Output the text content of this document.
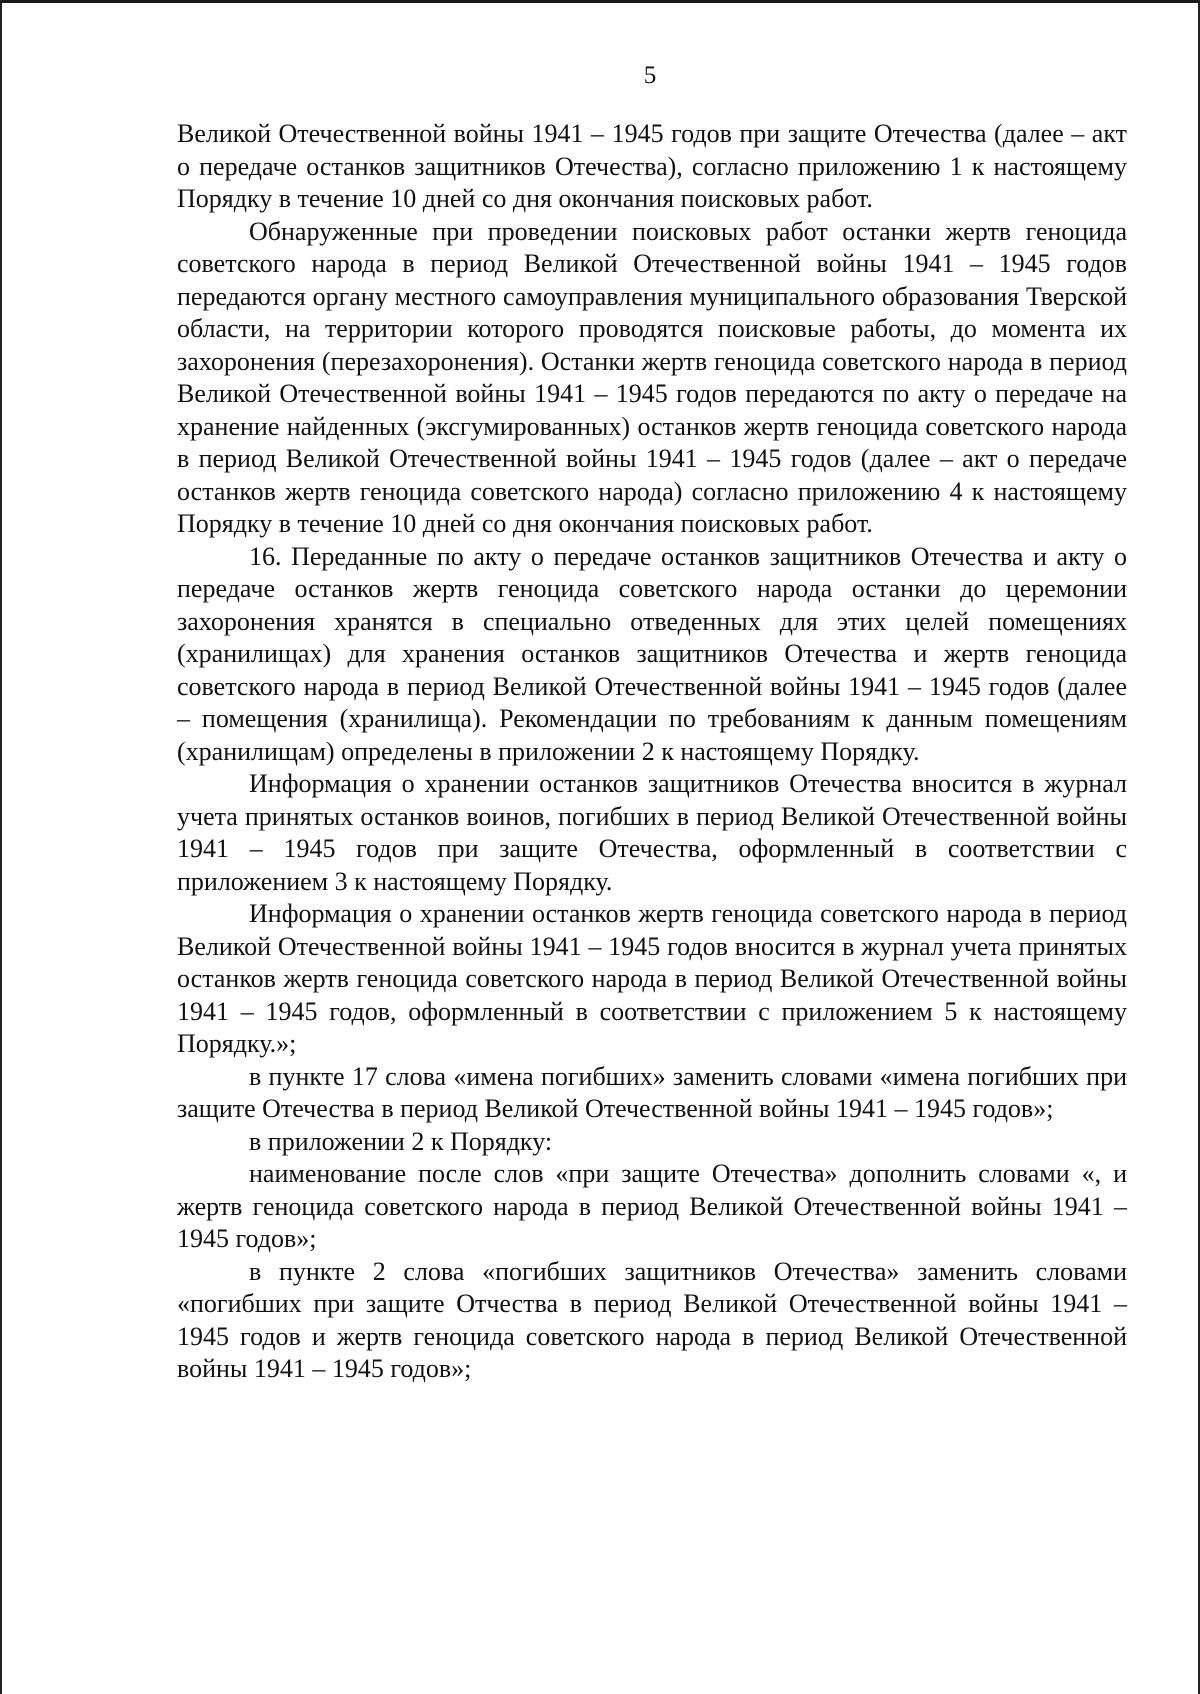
5

Великой Отечественной войны 1941 – 1945 годов при защите Отечества (далее – акт о передаче останков защитников Отечества), согласно приложению 1 к настоящему Порядку в течение 10 дней со дня окончания поисковых работ.

Обнаруженные при проведении поисковых работ останки жертв геноцида советского народа в период Великой Отечественной войны 1941 – 1945 годов передаются органу местного самоуправления муниципального образования Тверской области, на территории которого проводятся поисковые работы, до момента их захоронения (перезахоронения). Останки жертв геноцида советского народа в период Великой Отечественной войны 1941 – 1945 годов передаются по акту о передаче на хранение найденных (эксгумированных) останков жертв геноцида советского народа в период Великой Отечественной войны 1941 – 1945 годов (далее – акт о передаче останков жертв геноцида советского народа) согласно приложению 4 к настоящему Порядку в течение 10 дней со дня окончания поисковых работ.

16. Переданные по акту о передаче останков защитников Отечества и акту о передаче останков жертв геноцида советского народа останки до церемонии захоронения хранятся в специально отведенных для этих целей помещениях (хранилищах) для хранения останков защитников Отечества и жертв геноцида советского народа в период Великой Отечественной войны 1941 – 1945 годов (далее – помещения (хранилища). Рекомендации по требованиям к данным помещениям (хранилищам) определены в приложении 2 к настоящему Порядку.

Информация о хранении останков защитников Отечества вносится в журнал учета принятых останков воинов, погибших в период Великой Отечественной войны 1941 – 1945 годов при защите Отечества, оформленный в соответствии с приложением 3 к настоящему Порядку.

Информация о хранении останков жертв геноцида советского народа в период Великой Отечественной войны 1941 – 1945 годов вносится в журнал учета принятых останков жертв геноцида советского народа в период Великой Отечественной войны 1941 – 1945 годов, оформленный в соответствии с приложением 5 к настоящему Порядку.»;

в пункте 17 слова «имена погибших» заменить словами «имена погибших при защите Отечества в период Великой Отечественной войны 1941 – 1945 годов»;

в приложении 2 к Порядку:

наименование после слов «при защите Отечества» дополнить словами «, и жертв геноцида советского народа в период Великой Отечественной войны 1941 – 1945 годов»;

в пункте 2 слова «погибших защитников Отечества» заменить словами «погибших при защите Отчества в период Великой Отечественной войны 1941 – 1945 годов и жертв геноцида советского народа в период Великой Отечественной войны 1941 – 1945 годов»;
